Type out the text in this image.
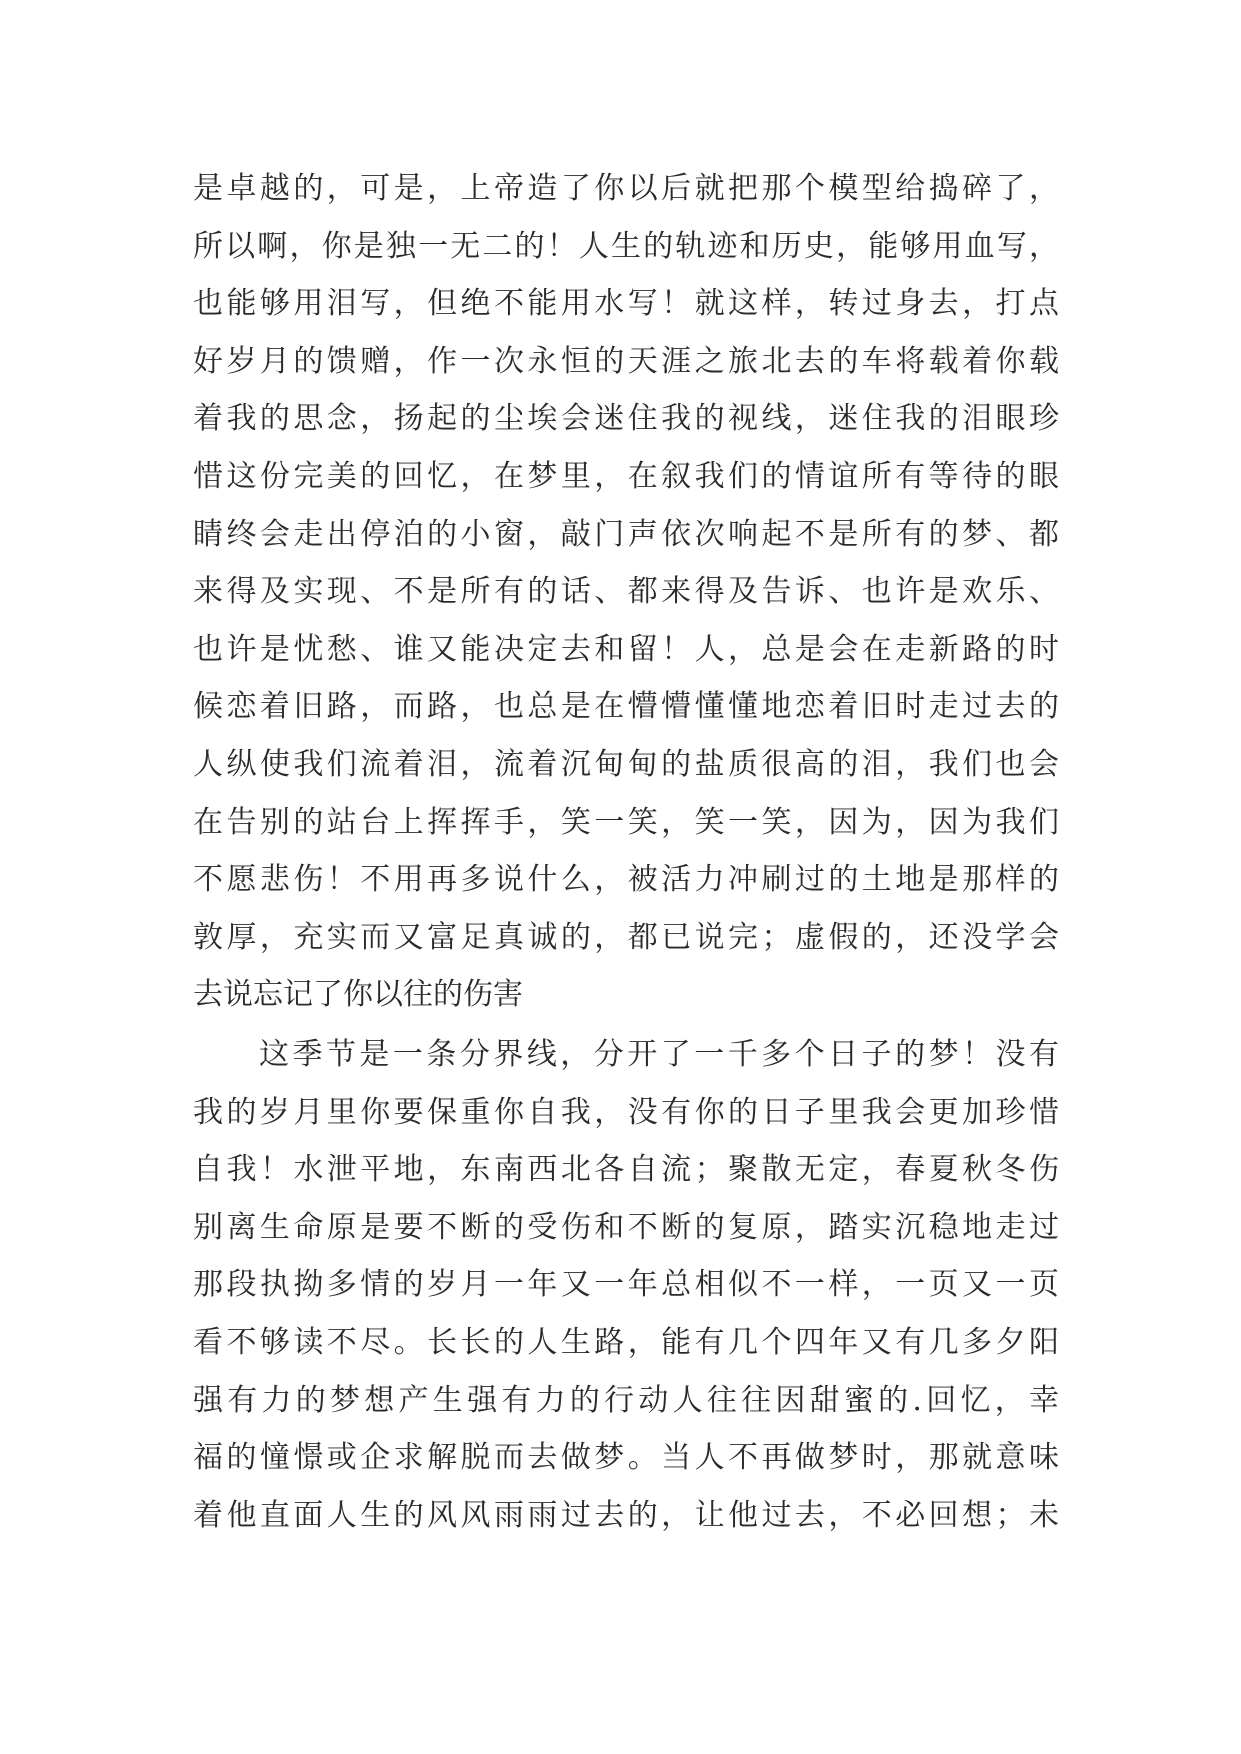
是卓越的，可是，上帝造了你以后就把那个模型给捣碎了，
所以啊，你是独一无二的！人生的轨迹和历史，能够用血写，
也能够用泪写，但绝不能用水写！就这样，转过身去，打点
好岁月的馈赠，作一次永恒的天涯之旅北去的车将载着你载
着我的思念，扬起的尘埃会迷住我的视线，迷住我的泪眼珍
惜这份完美的回忆，在梦里，在叙我们的情谊所有等待的眼
睛终会走出停泊的小窗，敲门声依次响起不是所有的梦、都
来得及实现、不是所有的话、都来得及告诉、也许是欢乐、
也许是忧愁、谁又能决定去和留！人，总是会在走新路的时
候恋着旧路，而路，也总是在懵懵懂懂地恋着旧时走过去的
人纵使我们流着泪，流着沉甸甸的盐质很高的泪，我们也会
在告别的站台上挥挥手，笑一笑，笑一笑，因为，因为我们
不愿悲伤！不用再多说什么，被活力冲刷过的土地是那样的
敦厚，充实而又富足真诚的，都已说完；虚假的，还没学会
去说忘记了你以往的伤害
这季节是一条分界线，分开了一千多个日子的梦！没有
我的岁月里你要保重你自我，没有你的日子里我会更加珍惜
自我！水泄平地，东南西北各自流；聚散无定，春夏秋冬伤
别离生命原是要不断的受伤和不断的复原，踏实沉稳地走过
那段执拗多情的岁月一年又一年总相似不一样，一页又一页
看不够读不尽。长长的人生路，能有几个四年又有几多夕阳
强有力的梦想产生强有力的行动人往往因甜蜜的.回忆，幸
福的憧憬或企求解脱而去做梦。当人不再做梦时，那就意味
着他直面人生的风风雨雨过去的，让他过去，不必回想；未
